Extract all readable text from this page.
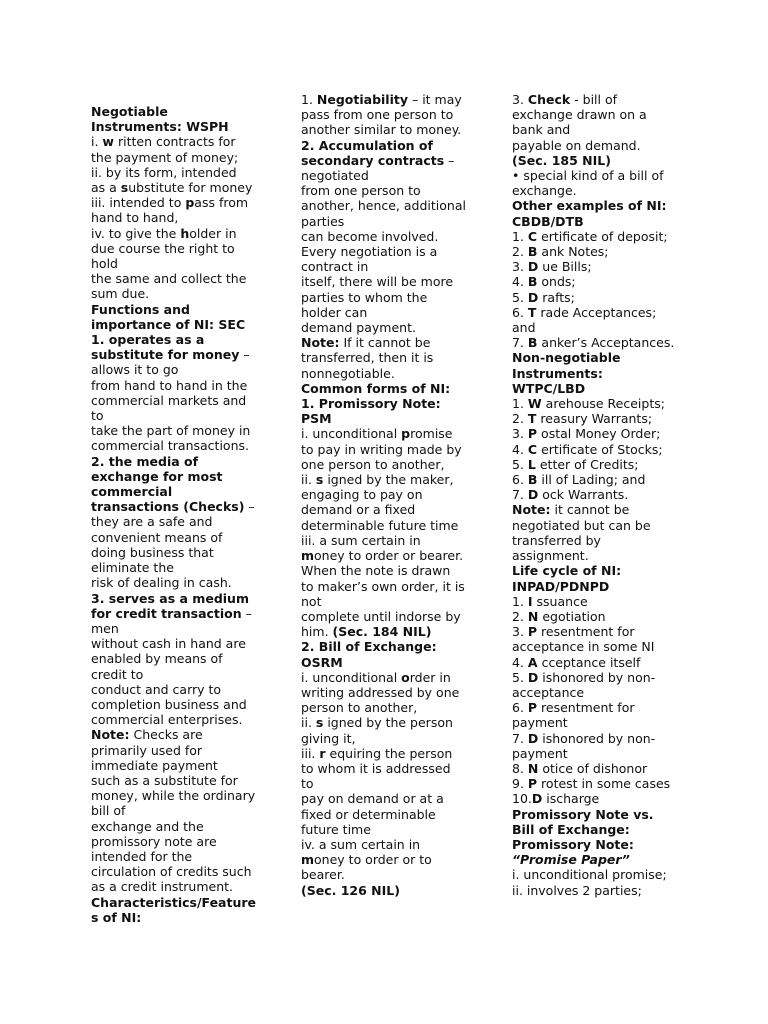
Negotiable
Instruments: WSPH
i. w ritten contracts for
the payment of money;
ii. by its form, intended
as a substitute for money
iii. intended to pass from
hand to hand,
iv. to give the holder in
due course the right to
hold
the same and collect the
sum due.
Functions and
importance of NI: SEC
1. operates as a
substitute for money –
allows it to go
from hand to hand in the
commercial markets and
to
take the part of money in
commercial transactions.
2. the media of
exchange for most
commercial
transactions (Checks) –
they are a safe and
convenient means of
doing business that
eliminate the
risk of dealing in cash.
3. serves as a medium
for credit transaction –
men
without cash in hand are
enabled by means of
credit to
conduct and carry to
completion business and
commercial enterprises.
Note: Checks are
primarily used for
immediate payment
such as a substitute for
money, while the ordinary
bill of
exchange and the
promissory note are
intended for the
circulation of credits such
as a credit instrument.
Characteristics/Feature
s of NI:
1. Negotiability – it may
pass from one person to
another similar to money.
2. Accumulation of
secondary contracts –
negotiated
from one person to
another, hence, additional
parties
can become involved.
Every negotiation is a
contract in
itself, there will be more
parties to whom the
holder can
demand payment.
Note: If it cannot be
transferred, then it is
nonnegotiable.
Common forms of NI:
1. Promissory Note:
PSM
i. unconditional promise
to pay in writing made by
one person to another,
ii. s igned by the maker,
engaging to pay on
demand or a fixed
determinable future time
iii. a sum certain in
money to order or bearer.
When the note is drawn
to maker’s own order, it is
not
complete until indorse by
him. (Sec. 184 NIL)
2. Bill of Exchange:
OSRM
i. unconditional order in
writing addressed by one
person to another,
ii. s igned by the person
giving it,
iii. r equiring the person
to whom it is addressed
to
pay on demand or at a
fixed or determinable
future time
iv. a sum certain in
money to order or to
bearer.
(Sec. 126 NIL)
3. Check - bill of
exchange drawn on a
bank and
payable on demand.
(Sec. 185 NIL)
• special kind of a bill of
exchange.
Other examples of NI:
CBDB/DTB
1. C ertificate of deposit;
2. B ank Notes;
3. D ue Bills;
4. B onds;
5. D rafts;
6. T rade Acceptances;
and
7. B anker’s Acceptances.
Non-negotiable
Instruments:
WTPC/LBD
1. W arehouse Receipts;
2. T reasury Warrants;
3. P ostal Money Order;
4. C ertificate of Stocks;
5. L etter of Credits;
6. B ill of Lading; and
7. D ock Warrants.
Note: it cannot be
negotiated but can be
transferred by
assignment.
Life cycle of NI:
INPAD/PDNPD
1. I ssuance
2. N egotiation
3. P resentment for
acceptance in some NI
4. A cceptance itself
5. D ishonored by non-
acceptance
6. P resentment for
payment
7. D ishonored by non-
payment
8. N otice of dishonor
9. P rotest in some cases
10.D ischarge
Promissory Note vs.
Bill of Exchange:
Promissory Note:
“Promise Paper”
i. unconditional promise;
ii. involves 2 parties;
